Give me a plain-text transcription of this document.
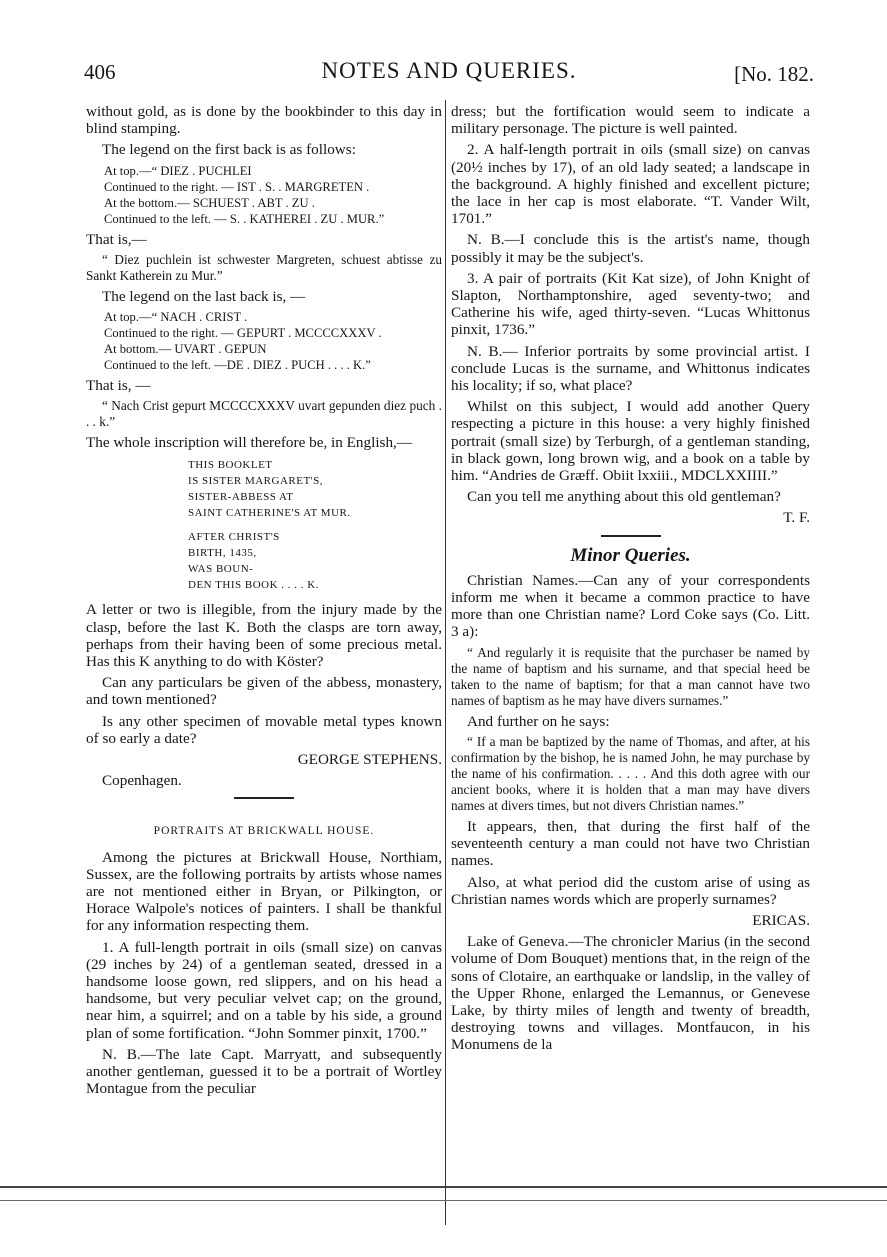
406	NOTES AND QUERIES.	[No. 182.

without gold, as is done by the bookbinder to this day in blind stamping.

The legend on the first back is as follows:

At top.—“ DIEZ . PUCHLEI
Continued to the right. — IST . S. . MARGRETEN .
At the bottom.— SCHUEST . ABT . ZU .
Continued to the left. — S. . KATHEREI . ZU . MUR.”

That is,—

“ Diez puchlein ist schwester Margreten, schuest abtisse zu Sankt Katherein zu Mur.”

The legend on the last back is, —

At top.—“ NACH . CRIST .
Continued to the right. — GEPURT . MCCCCXXXV .
At bottom.— UVART . GEPUN
Continued to the left. —DE . DIEZ . PUCH . . . . K.”

That is, —

“ Nach Crist gepurt MCCCCXXXV uvart gepunden diez puch . . . k.”

The whole inscription will therefore be, in English,—

THIS BOOKLET
IS SISTER MARGARET'S,
SISTER-ABBESS AT
SAINT CATHERINE'S AT MUR.
AFTER CHRIST'S
BIRTH, 1435,
WAS BOUN-
DEN THIS BOOK . . . . K.

A letter or two is illegible, from the injury made by the clasp, before the last K. Both the clasps are torn away, perhaps from their having been of some precious metal. Has this K anything to do with Köster?

Can any particulars be given of the abbess, monastery, and town mentioned?

Is any other specimen of movable metal types known of so early a date?

GEORGE STEPHENS.

Copenhagen.

PORTRAITS AT BRICKWALL HOUSE.

Among the pictures at Brickwall House, Northiam, Sussex, are the following portraits by artists whose names are not mentioned either in Bryan, or Pilkington, or Horace Walpole's notices of painters. I shall be thankful for any information respecting them.

1. A full-length portrait in oils (small size) on canvas (29 inches by 24) of a gentleman seated, dressed in a handsome loose gown, red slippers, and on his head a handsome, but very peculiar velvet cap; on the ground, near him, a squirrel; and on a table by his side, a ground plan of some fortification. “John Sommer pinxit, 1700.”

N. B.—The late Capt. Marryatt, and subsequently another gentleman, guessed it to be a portrait of Wortley Montague from the peculiar

dress; but the fortification would seem to indicate a military personage. The picture is well painted.

2. A half-length portrait in oils (small size) on canvas (20½ inches by 17), of an old lady seated; a landscape in the background. A highly finished and excellent picture; the lace in her cap is most elaborate. “T. Vander Wilt, 1701.”

N. B.—I conclude this is the artist's name, though possibly it may be the subject's.

3. A pair of portraits (Kit Kat size), of John Knight of Slapton, Northamptonshire, aged seventy-two; and Catherine his wife, aged thirty-seven. “Lucas Whittonus pinxit, 1736.”

N. B.— Inferior portraits by some provincial artist. I conclude Lucas is the surname, and Whittonus indicates his locality; if so, what place?

Whilst on this subject, I would add another Query respecting a picture in this house: a very highly finished portrait (small size) by Terburgh, of a gentleman standing, in black gown, long brown wig, and a book on a table by him. “Andries de Græff. Obiit lxxiii., MDCLXXIIII.”

Can you tell me anything about this old gentleman?

T. F.

Minor Queries.

Christian Names.—Can any of your correspondents inform me when it became a common practice to have more than one Christian name? Lord Coke says (Co. Litt. 3 a):

“ And regularly it is requisite that the purchaser be named by the name of baptism and his surname, and that special heed be taken to the name of baptism; for that a man cannot have two names of baptism as he may have divers surnames.”

And further on he says:

“ If a man be baptized by the name of Thomas, and after, at his confirmation by the bishop, he is named John, he may purchase by the name of his confirmation. . . . . And this doth agree with our ancient books, where it is holden that a man may have divers names at divers times, but not divers Christian names.”

It appears, then, that during the first half of the seventeenth century a man could not have two Christian names.

Also, at what period did the custom arise of using as Christian names words which are properly surnames?

ERICAS.

Lake of Geneva.—The chronicler Marius (in the second volume of Dom Bouquet) mentions that, in the reign of the sons of Clotaire, an earthquake or landslip, in the valley of the Upper Rhone, enlarged the Lemannus, or Genevese Lake, by thirty miles of length and twenty of breadth, destroying towns and villages. Montfaucon, in his Monumens de la
